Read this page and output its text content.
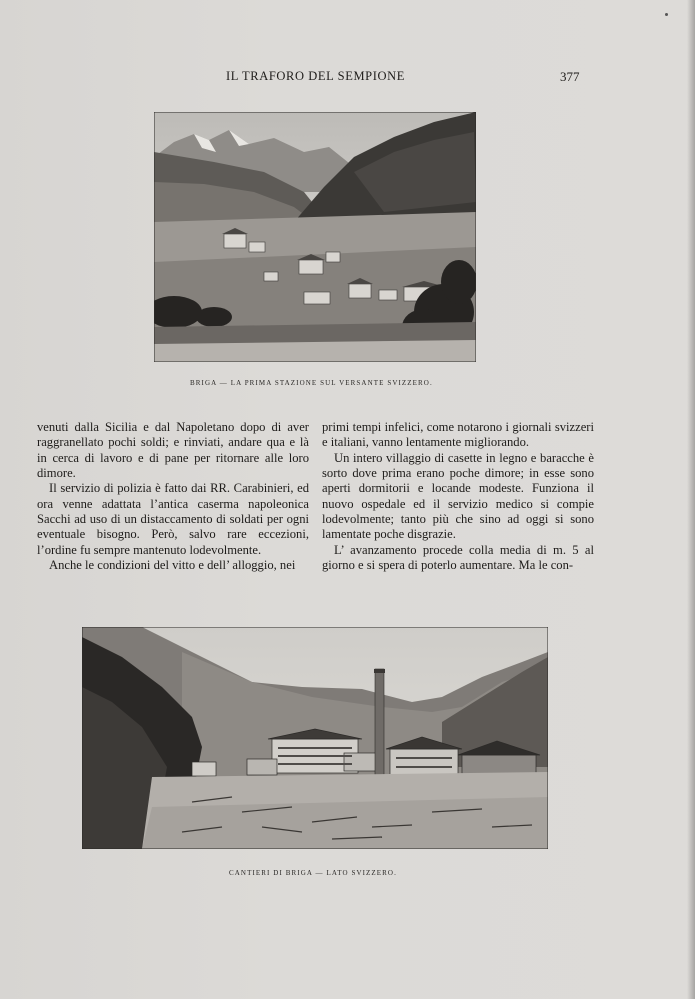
IL TRAFORO DEL SEMPIONE	377
BRIGA — LA PRIMA STAZIONE SUL VERSANTE SVIZZERO.

venuti dalla Sicilia e dal Napoletano dopo di aver raggranellato pochi soldi; e rinviati, andare qua e là in cerca di lavoro e di pane per ritornare alle loro dimore.

Il servizio di polizia è fatto dai RR. Carabinieri, ed ora venne adattata l’antica caserma napoleonica Sacchi ad uso di un distaccamento di soldati per ogni eventuale bisogno. Però, salvo rare eccezioni, l’ordine fu sempre mantenuto lodevolmente.

Anche le condizioni del vitto e dell’ alloggio, nei

primi tempi infelici, come notarono i giornali svizzeri e italiani, vanno lentamente migliorando.

Un intero villaggio di casette in legno e baracche è sorto dove prima erano poche dimore; in esse sono aperti dormitorii e locande modeste. Funziona il nuovo ospedale ed il servizio medico si compie lodevolmente; tanto più che sino ad oggi si sono lamentate poche disgrazie.

L’ avanzamento procede colla media di m. 5 al giorno e si spera di poterlo aumentare. Ma le con-

CANTIERI DI BRIGA — LATO SVIZZERO.
